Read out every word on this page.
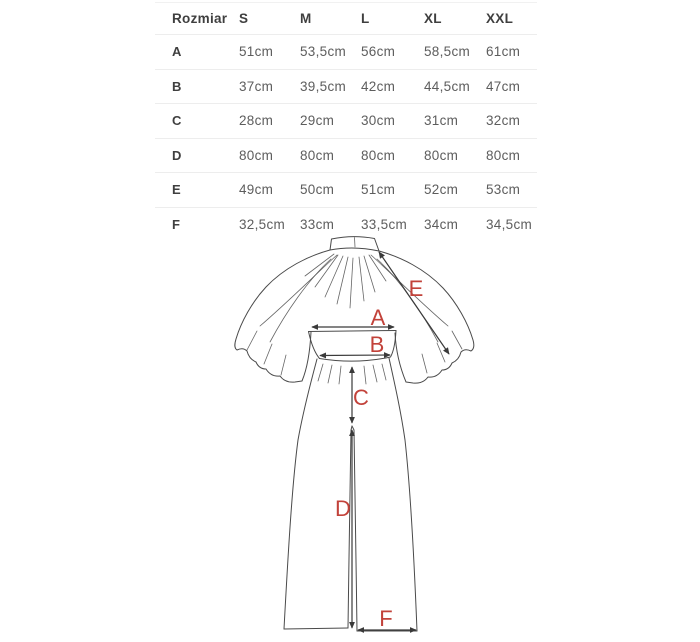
Rozmiar S	M	L	XL	XXL
A	51cm	53,5cm	56cm	58,5cm	61cm
B	37cm	39,5cm	42cm	44,5cm	47cm
C	28cm	29cm	30cm	31cm	32cm
D	80cm	80cm	80cm	80cm	80cm
E	49cm	50cm	51cm	52cm	53cm
F	32,5cm	33cm	33,5cm	34cm	34,5cm
A
B
C
D
E
F
